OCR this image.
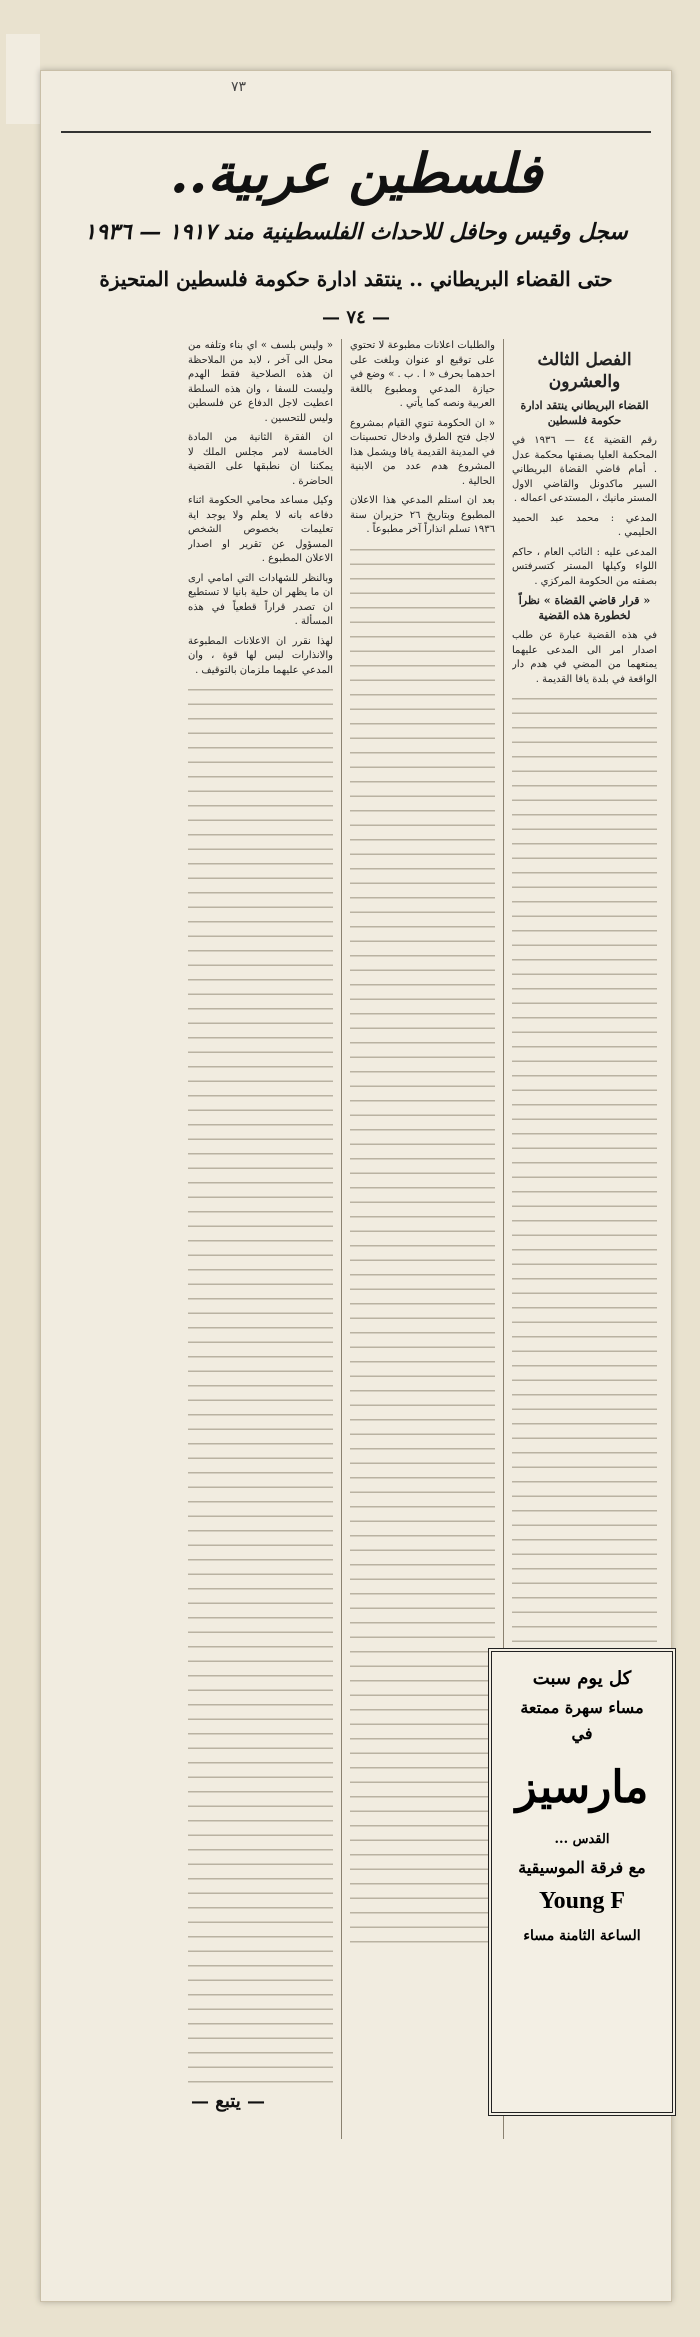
٧٣
فلسطين عربية..
سجل وقيس وحافل للاحداث الفلسطينية مند ١٩١٧ — ١٩٣٦
حتى القضاء البريطاني .. ينتقد ادارة حكومة فلسطين المتحيزة
— ٧٤ —
الفصل الثالث والعشرون
القضاء البريطاني ينتقد ادارة حكومة فلسطين

رقم القضية ٤٤ — ١٩٣٦ في المحكمة العليا بصفتها محكمة عدل . أمام قاضي القضاة البريطاني السير ماكدونل والقاضي الاول المستر مانيك ، المستدعى اعماله .

المدعي : محمد عبد الحميد الحليمي .

المدعى عليه : النائب العام ، حاكم اللواء وكيلها المستر كتسرفتس بصفته من الحكومة المركزي .

« قرار قاضي القضاة » نظراً لخطورة هذه القضية

في هذه القضية عبارة عن طلب اصدار امر الى المدعى عليهما يمنعهما من المضي في هدم دار الواقعة في بلدة يافا القديمة .

والطلبات اعلانات مطبوعة لا تحتوي على توقيع او عنوان وبلغت على احدهما بحرف « ا . ب . » وضع في حيازة المدعي ومطبوع باللغة العربية ونصه كما يأتي .

« ان الحكومة تنوي القيام بمشروع لاجل فتح الطرق وادخال تحسينات في المدينة القديمة يافا ويشمل هذا المشروع هدم عدد من الابنية الحالية .

بعد ان استلم المدعي هذا الاعلان المطبوع وبتاريخ ٢٦ حزيران سنة ١٩٣٦ تسلم انذاراً آخر مطبوعاً .

« وليس بلسف » اي بناء وتلفه من محل الى آخر ، لابد من الملاحظة ان هذه الصلاحية فقط الهدم وليست للسفا ، وان هذه السلطة اعطيت لاجل الدفاع عن فلسطين وليس للتحسين .

ان الفقرة الثانية من المادة الخامسة لامر مجلس الملك لا يمكننا ان نطبقها على القضية الحاضرة .

وكيل مساعد محامي الحكومة اثناء دفاعه بانه لا يعلم ولا يوجد اية تعليمات بخصوص الشخص المسؤول عن تقرير او اصدار الاعلان المطبوع .

وبالنظر للشهادات التي امامي ارى ان ما يظهر ان حلية بانيا لا تستطيع ان تصدر قراراً قطعياً في هذه المسألة .

لهذا نقرر ان الاعلانات المطبوعة والانذارات ليس لها قوة ، وان المدعي عليهما ملزمان بالتوقيف .

— يتبع —
كل يوم سبت
مساء سهرة ممتعة
في
مارسيز
القدس ...
مع فرقة الموسيقية
Young F
الساعة الثامنة مساء
